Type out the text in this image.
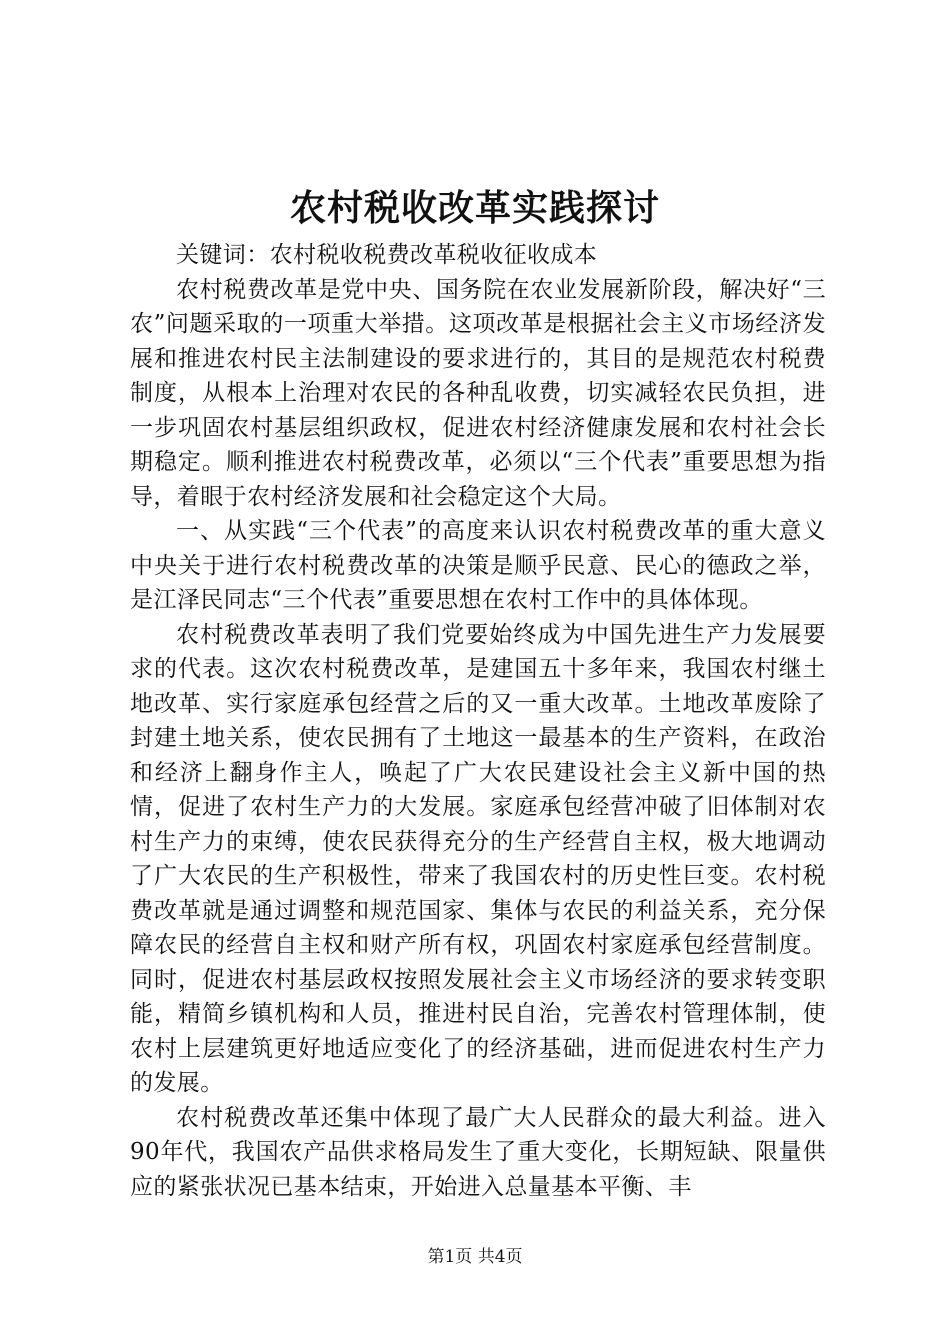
农村税收改革实践探讨

关键词：农村税收税费改革税收征收成本

农村税费改革是党中央、国务院在农业发展新阶段，解决好“三农”问题采取的一项重大举措。这项改革是根据社会主义市场经济发展和推进农村民主法制建设的要求进行的，其目的是规范农村税费制度，从根本上治理对农民的各种乱收费，切实减轻农民负担，进一步巩固农村基层组织政权，促进农村经济健康发展和农村社会长期稳定。顺利推进农村税费改革，必须以“三个代表”重要思想为指导，着眼于农村经济发展和社会稳定这个大局。

一、从实践“三个代表”的高度来认识农村税费改革的重大意义中央关于进行农村税费改革的决策是顺乎民意、民心的德政之举，是江泽民同志“三个代表”重要思想在农村工作中的具体体现。

农村税费改革表明了我们党要始终成为中国先进生产力发展要求的代表。这次农村税费改革，是建国五十多年来，我国农村继土地改革、实行家庭承包经营之后的又一重大改革。土地改革废除了封建土地关系，使农民拥有了土地这一最基本的生产资料，在政治和经济上翻身作主人，唤起了广大农民建设社会主义新中国的热情，促进了农村生产力的大发展。家庭承包经营冲破了旧体制对农村生产力的束缚，使农民获得充分的生产经营自主权，极大地调动了广大农民的生产积极性，带来了我国农村的历史性巨变。农村税费改革就是通过调整和规范国家、集体与农民的利益关系，充分保障农民的经营自主权和财产所有权，巩固农村家庭承包经营制度。同时，促进农村基层政权按照发展社会主义市场经济的要求转变职能，精简乡镇机构和人员，推进村民自治，完善农村管理体制，使农村上层建筑更好地适应变化了的经济基础，进而促进农村生产力的发展。

农村税费改革还集中体现了最广大人民群众的最大利益。进入90年代，我国农产品供求格局发生了重大变化，长期短缺、限量供应的紧张状况已基本结束，开始进入总量基本平衡、丰

第1页 共4页
